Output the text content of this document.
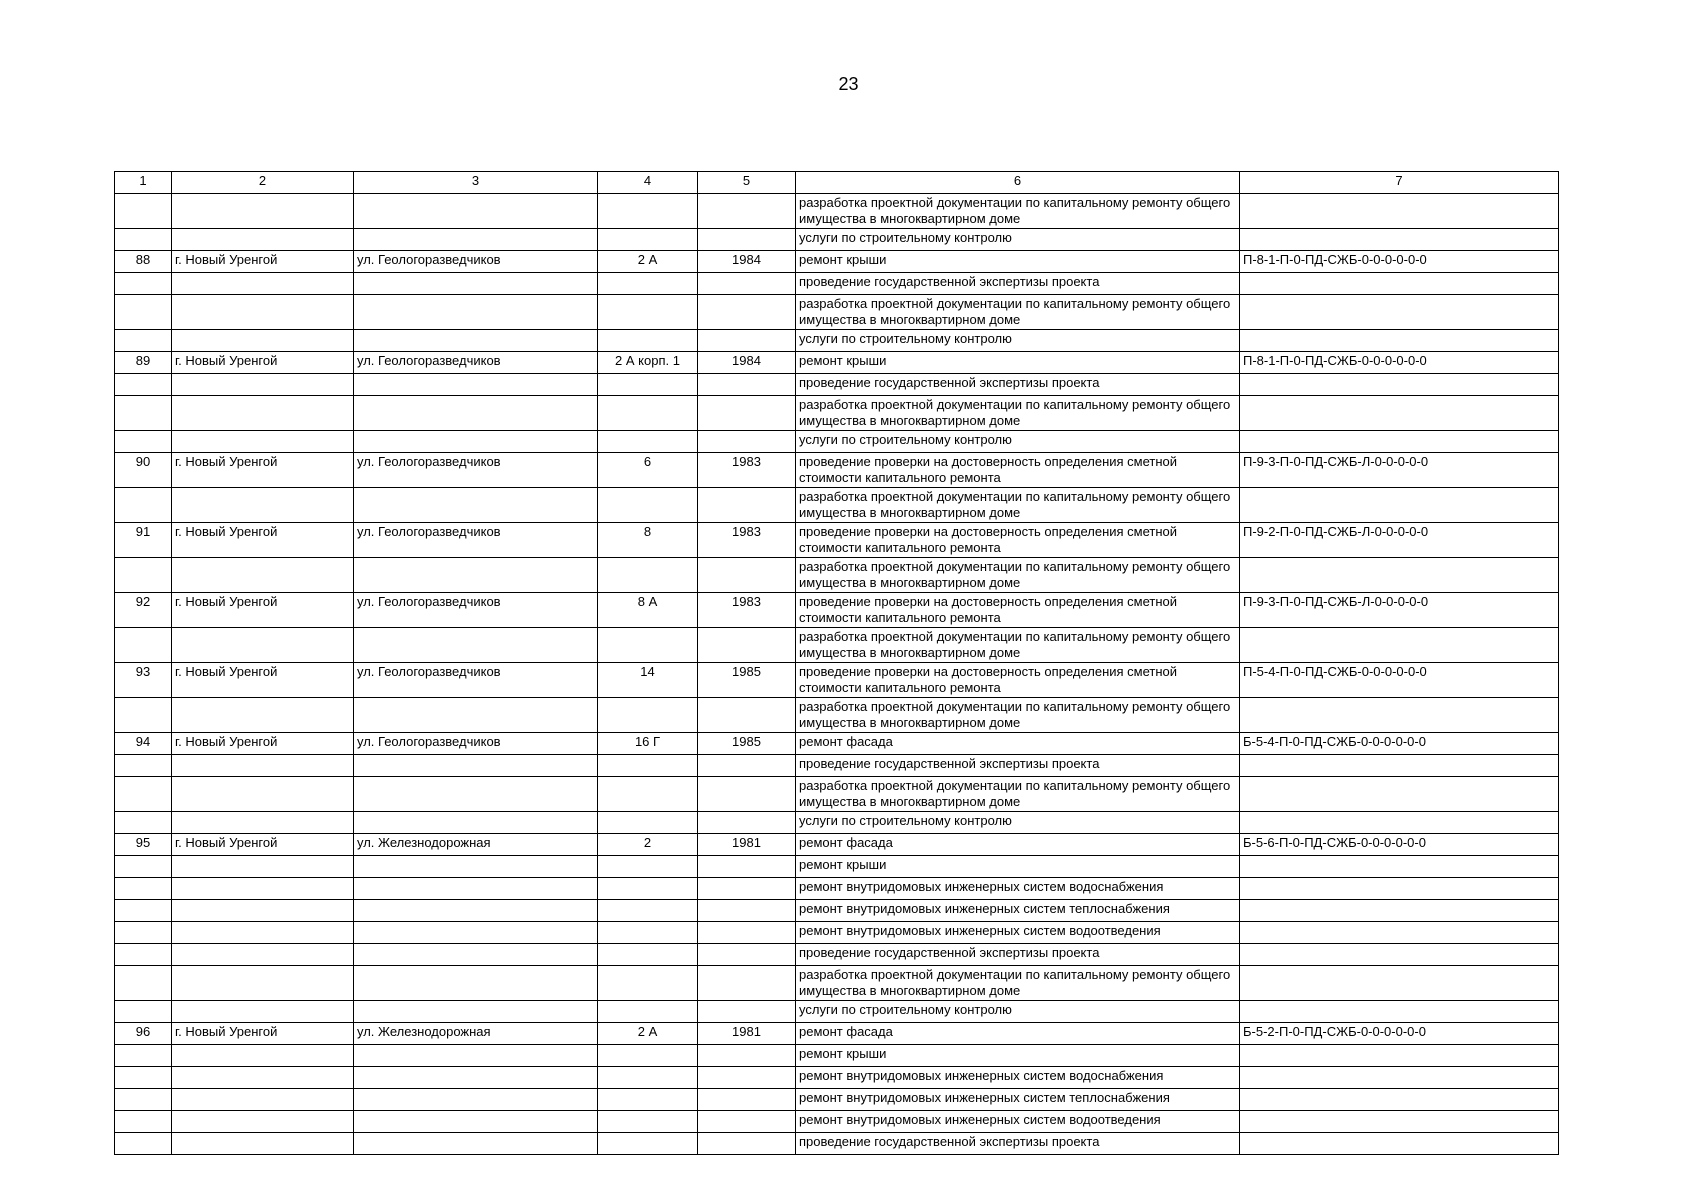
23
1	2	3	4	5	6	7
					разработка проектной документации по капитальному ремонту общего имущества в многоквартирном доме	
					услуги по строительному контролю	
88	г. Новый Уренгой	ул. Геологоразведчиков	2 А	1984	ремонт крыши	П-8-1-П-0-ПД-СЖБ-0-0-0-0-0-0
					проведение государственной экспертизы проекта	
					разработка проектной документации по капитальному ремонту общего имущества в многоквартирном доме	
					услуги по строительному контролю	
89	г. Новый Уренгой	ул. Геологоразведчиков	2 А корп. 1	1984	ремонт крыши	П-8-1-П-0-ПД-СЖБ-0-0-0-0-0-0
					проведение государственной экспертизы проекта	
					разработка проектной документации по капитальному ремонту общего имущества в многоквартирном доме	
					услуги по строительному контролю	
90	г. Новый Уренгой	ул. Геологоразведчиков	6	1983	проведение проверки на достоверность определения сметной стоимости капитального ремонта	П-9-3-П-0-ПД-СЖБ-Л-0-0-0-0-0
					разработка проектной документации по капитальному ремонту общего имущества в многоквартирном доме	
91	г. Новый Уренгой	ул. Геологоразведчиков	8	1983	проведение проверки на достоверность определения сметной стоимости капитального ремонта	П-9-2-П-0-ПД-СЖБ-Л-0-0-0-0-0
					разработка проектной документации по капитальному ремонту общего имущества в многоквартирном доме	
92	г. Новый Уренгой	ул. Геологоразведчиков	8 А	1983	проведение проверки на достоверность определения сметной стоимости капитального ремонта	П-9-3-П-0-ПД-СЖБ-Л-0-0-0-0-0
					разработка проектной документации по капитальному ремонту общего имущества в многоквартирном доме	
93	г. Новый Уренгой	ул. Геологоразведчиков	14	1985	проведение проверки на достоверность определения сметной стоимости капитального ремонта	П-5-4-П-0-ПД-СЖБ-0-0-0-0-0-0
					разработка проектной документации по капитальному ремонту общего имущества в многоквартирном доме	
94	г. Новый Уренгой	ул. Геологоразведчиков	16 Г	1985	ремонт фасада	Б-5-4-П-0-ПД-СЖБ-0-0-0-0-0-0
					проведение государственной экспертизы проекта	
					разработка проектной документации по капитальному ремонту общего имущества в многоквартирном доме	
					услуги по строительному контролю	
95	г. Новый Уренгой	ул. Железнодорожная	2	1981	ремонт фасада	Б-5-6-П-0-ПД-СЖБ-0-0-0-0-0-0
					ремонт крыши	
					ремонт внутридомовых инженерных систем водоснабжения	
					ремонт внутридомовых инженерных систем теплоснабжения	
					ремонт внутридомовых инженерных систем водоотведения	
					проведение государственной экспертизы проекта	
					разработка проектной документации по капитальному ремонту общего имущества в многоквартирном доме	
					услуги по строительному контролю	
96	г. Новый Уренгой	ул. Железнодорожная	2 А	1981	ремонт фасада	Б-5-2-П-0-ПД-СЖБ-0-0-0-0-0-0
					ремонт крыши	
					ремонт внутридомовых инженерных систем водоснабжения	
					ремонт внутридомовых инженерных систем теплоснабжения	
					ремонт внутридомовых инженерных систем водоотведения	
					проведение государственной экспертизы проекта	
